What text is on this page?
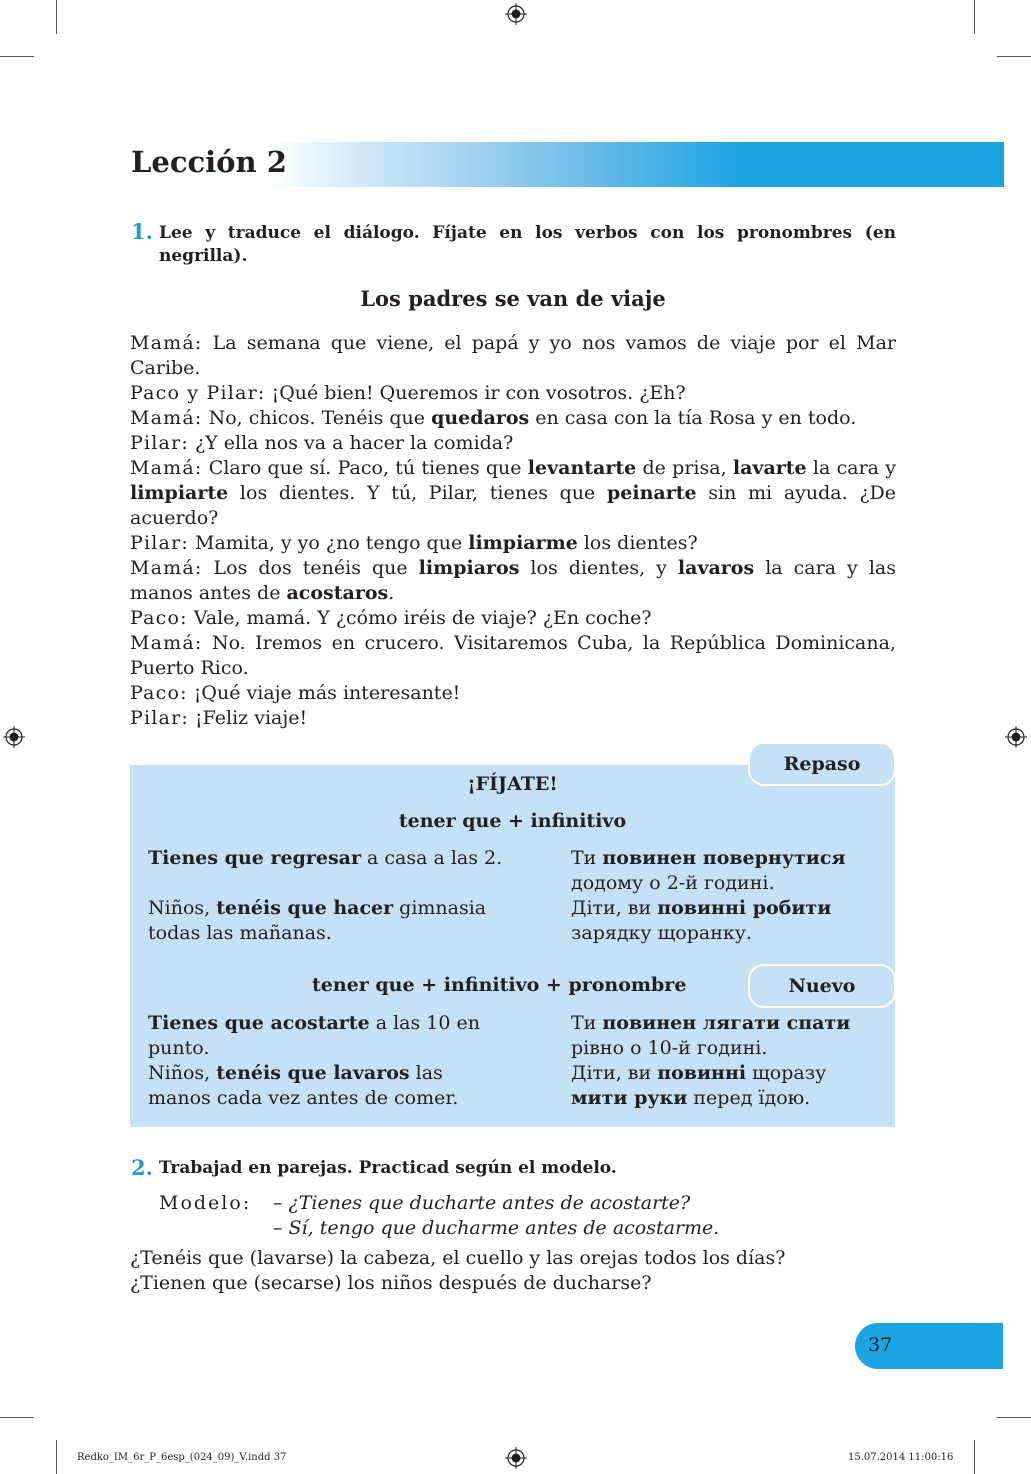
Lección 2
1. Lee y traduce el diálogo. Fíjate en los verbos con los pronombres (en
negrilla).
Los padres se van de viaje

Mamá: La semana que viene, el papá y yo nos vamos de viaje por el Mar Caribe.

Paco y Pilar: ¡Qué bien! Queremos ir con vosotros. ¿Eh?

Mamá: No, chicos. Tenéis que quedaros en casa con la tía Rosa y en todo.

Pilar: ¿Y ella nos va a hacer la comida?

Mamá: Claro que sí. Paco, tú tienes que levantarte de prisa, lavarte la cara y limpiarte los dientes. Y tú, Pilar, tienes que peinarte sin mi ayuda. ¿De acuerdo?

Pilar: Mamita, y yo ¿no tengo que limpiarme los dientes?

Mamá: Los dos tenéis que limpiaros los dientes, y lavaros la cara y las manos antes de acostaros.

Paco: Vale, mamá. Y ¿cómo iréis de viaje? ¿En coche?

Mamá: No. Iremos en crucero. Visitaremos Cuba, la República Dominicana, Puerto Rico.

Paco: ¡Qué viaje más interesante!

Pilar: ¡Feliz viaje!

¡FÍJATE!
tener que + infinitivo
Tienes que regresar a casa a las 2.	Ти повинен повернутися додому о 2-й годині.
Niños, tenéis que hacer gimnasia todas las mañanas.
Діти, ви повинні робити зарядку щоранку.
tener que + infinitivo + pronombre
Tienes que acostarte a las 10 en punto.
Ти повинен лягати спати рівно о 10-й годині.
Niños, tenéis que lavaros las manos cada vez antes de comer.
Діти, ви повинні щоразу мити руки перед їдою.
Repaso
Nuevo
2. Trabajad en parejas. Practicad según el modelo.
Modelo: – ¿Tienes que ducharte antes de acostarte?
– Sí, tengo que ducharme antes de acostarme.
¿Tenéis que (lavarse) la cabeza, el cuello y las orejas todos los días?
¿Tienen que (secarse) los niños después de ducharse?
37
Redko_IM_6r_P_6esp_(024_09)_V.indd 37	15.07.2014 11:00:16
